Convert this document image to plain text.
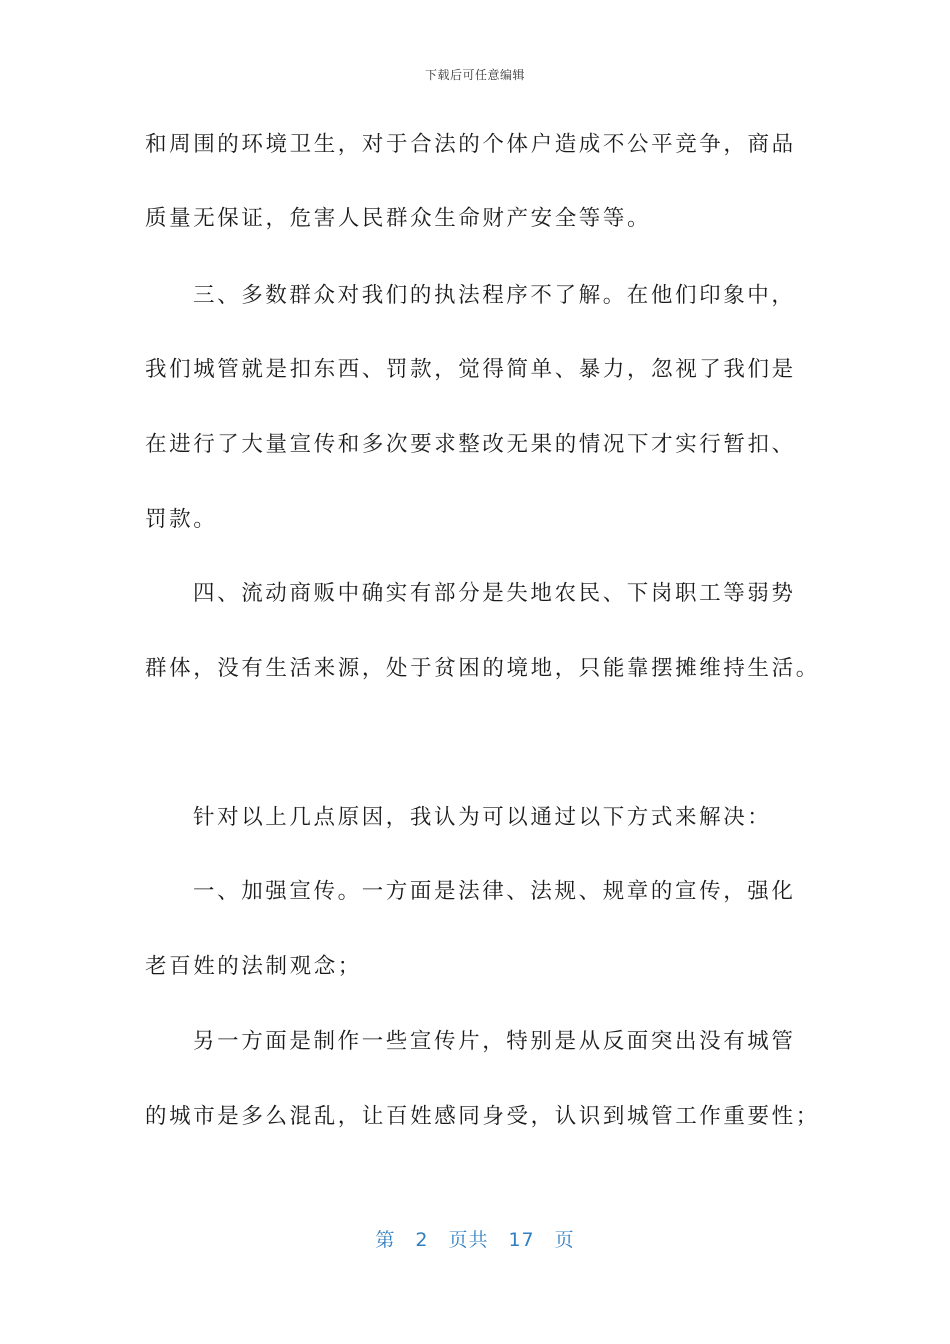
下载后可任意编辑
和周围的环境卫生，对于合法的个体户造成不公平竞争，商品
质量无保证，危害人民群众生命财产安全等等。
三、多数群众对我们的执法程序不了解。在他们印象中，
我们城管就是扣东西、罚款，觉得简单、暴力，忽视了我们是
在进行了大量宣传和多次要求整改无果的情况下才实行暂扣、
罚款。
四、流动商贩中确实有部分是失地农民、下岗职工等弱势
群体，没有生活来源，处于贫困的境地，只能靠摆摊维持生活。
针对以上几点原因，我认为可以通过以下方式来解决：
一、加强宣传。一方面是法律、法规、规章的宣传，强化
老百姓的法制观念；
另一方面是制作一些宣传片，特别是从反面突出没有城管
的城市是多么混乱，让百姓感同身受，认识到城管工作重要性；
第 2 页共 17 页
